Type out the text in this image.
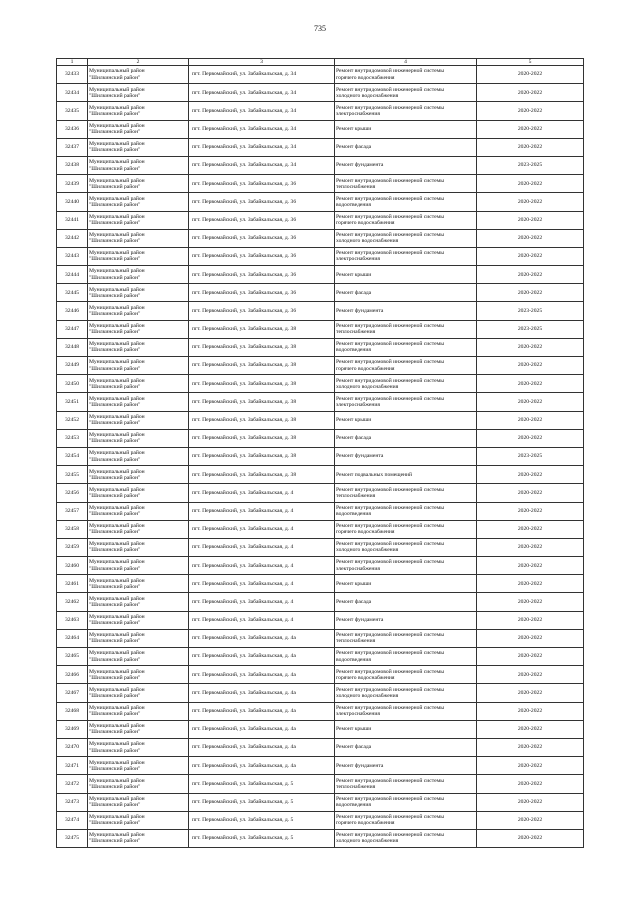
735
1	2	3	4	5
32433	Муниципальный район
"Шилкинский район"	пгт. Первомайский, ул. Забайкальская, д. 34	Ремонт внутридомовой инженерной системы
горячего водоснабжения	2020-2022
32434	Муниципальный район
"Шилкинский район"	пгт. Первомайский, ул. Забайкальская, д. 34	Ремонт внутридомовой инженерной системы
холодного водоснабжения	2020-2022
32435	Муниципальный район
"Шилкинский район"	пгт. Первомайский, ул. Забайкальская, д. 34	Ремонт внутридомовой инженерной системы
электроснабжения	2020-2022
32436	Муниципальный район
"Шилкинский район"	пгт. Первомайский, ул. Забайкальская, д. 34	Ремонт крыши	2020-2022
32437	Муниципальный район
"Шилкинский район"	пгт. Первомайский, ул. Забайкальская, д. 34	Ремонт фасада	2020-2022
32438	Муниципальный район
"Шилкинский район"	пгт. Первомайский, ул. Забайкальская, д. 34	Ремонт фундамента	2023-2025
32439	Муниципальный район
"Шилкинский район"	пгт. Первомайский, ул. Забайкальская, д. 36	Ремонт внутридомовой инженерной системы
теплоснабжения	2020-2022
32440	Муниципальный район
"Шилкинский район"	пгт. Первомайский, ул. Забайкальская, д. 36	Ремонт внутридомовой инженерной системы
водоотведения	2020-2022
32441	Муниципальный район
"Шилкинский район"	пгт. Первомайский, ул. Забайкальская, д. 36	Ремонт внутридомовой инженерной системы
горячего водоснабжения	2020-2022
32442	Муниципальный район
"Шилкинский район"	пгт. Первомайский, ул. Забайкальская, д. 36	Ремонт внутридомовой инженерной системы
холодного водоснабжения	2020-2022
32443	Муниципальный район
"Шилкинский район"	пгт. Первомайский, ул. Забайкальская, д. 36	Ремонт внутридомовой инженерной системы
электроснабжения	2020-2022
32444	Муниципальный район
"Шилкинский район"	пгт. Первомайский, ул. Забайкальская, д. 36	Ремонт крыши	2020-2022
32445	Муниципальный район
"Шилкинский район"	пгт. Первомайский, ул. Забайкальская, д. 36	Ремонт фасада	2020-2022
32446	Муниципальный район
"Шилкинский район"	пгт. Первомайский, ул. Забайкальская, д. 36	Ремонт фундамента	2023-2025
32447	Муниципальный район
"Шилкинский район"	пгт. Первомайский, ул. Забайкальская, д. 38	Ремонт внутридомовой инженерной системы
теплоснабжения	2023-2025
32448	Муниципальный район
"Шилкинский район"	пгт. Первомайский, ул. Забайкальская, д. 38	Ремонт внутридомовой инженерной системы
водоотведения	2020-2022
32449	Муниципальный район
"Шилкинский район"	пгт. Первомайский, ул. Забайкальская, д. 38	Ремонт внутридомовой инженерной системы
горячего водоснабжения	2020-2022
32450	Муниципальный район
"Шилкинский район"	пгт. Первомайский, ул. Забайкальская, д. 38	Ремонт внутридомовой инженерной системы
холодного водоснабжения	2020-2022
32451	Муниципальный район
"Шилкинский район"	пгт. Первомайский, ул. Забайкальская, д. 38	Ремонт внутридомовой инженерной системы
электроснабжения	2020-2022
32452	Муниципальный район
"Шилкинский район"	пгт. Первомайский, ул. Забайкальская, д. 38	Ремонт крыши	2020-2022
32453	Муниципальный район
"Шилкинский район"	пгт. Первомайский, ул. Забайкальская, д. 38	Ремонт фасада	2020-2022
32454	Муниципальный район
"Шилкинский район"	пгт. Первомайский, ул. Забайкальская, д. 38	Ремонт фундамента	2023-2025
32455	Муниципальный район
"Шилкинский район"	пгт. Первомайский, ул. Забайкальская, д. 38	Ремонт подвальных помещений	2020-2022
32456	Муниципальный район
"Шилкинский район"	пгт. Первомайский, ул. Забайкальская, д. 4	Ремонт внутридомовой инженерной системы
теплоснабжения	2020-2022
32457	Муниципальный район
"Шилкинский район"	пгт. Первомайский, ул. Забайкальская, д. 4	Ремонт внутридомовой инженерной системы
водоотведения	2020-2022
32458	Муниципальный район
"Шилкинский район"	пгт. Первомайский, ул. Забайкальская, д. 4	Ремонт внутридомовой инженерной системы
горячего водоснабжения	2020-2022
32459	Муниципальный район
"Шилкинский район"	пгт. Первомайский, ул. Забайкальская, д. 4	Ремонт внутридомовой инженерной системы
холодного водоснабжения	2020-2022
32460	Муниципальный район
"Шилкинский район"	пгт. Первомайский, ул. Забайкальская, д. 4	Ремонт внутридомовой инженерной системы
электроснабжения	2020-2022
32461	Муниципальный район
"Шилкинский район"	пгт. Первомайский, ул. Забайкальская, д. 4	Ремонт крыши	2020-2022
32462	Муниципальный район
"Шилкинский район"	пгт. Первомайский, ул. Забайкальская, д. 4	Ремонт фасада	2020-2022
32463	Муниципальный район
"Шилкинский район"	пгт. Первомайский, ул. Забайкальская, д. 4	Ремонт фундамента	2020-2022
32464	Муниципальный район
"Шилкинский район"	пгт. Первомайский, ул. Забайкальская, д. 4а	Ремонт внутридомовой инженерной системы
теплоснабжения	2020-2022
32465	Муниципальный район
"Шилкинский район"	пгт. Первомайский, ул. Забайкальская, д. 4а	Ремонт внутридомовой инженерной системы
водоотведения	2020-2022
32466	Муниципальный район
"Шилкинский район"	пгт. Первомайский, ул. Забайкальская, д. 4а	Ремонт внутридомовой инженерной системы
горячего водоснабжения	2020-2022
32467	Муниципальный район
"Шилкинский район"	пгт. Первомайский, ул. Забайкальская, д. 4а	Ремонт внутридомовой инженерной системы
холодного водоснабжения	2020-2022
32468	Муниципальный район
"Шилкинский район"	пгт. Первомайский, ул. Забайкальская, д. 4а	Ремонт внутридомовой инженерной системы
электроснабжения	2020-2022
32469	Муниципальный район
"Шилкинский район"	пгт. Первомайский, ул. Забайкальская, д. 4а	Ремонт крыши	2020-2022
32470	Муниципальный район
"Шилкинский район"	пгт. Первомайский, ул. Забайкальская, д. 4а	Ремонт фасада	2020-2022
32471	Муниципальный район
"Шилкинский район"	пгт. Первомайский, ул. Забайкальская, д. 4а	Ремонт фундамента	2020-2022
32472	Муниципальный район
"Шилкинский район"	пгт. Первомайский, ул. Забайкальская, д. 5	Ремонт внутридомовой инженерной системы
теплоснабжения	2020-2022
32473	Муниципальный район
"Шилкинский район"	пгт. Первомайский, ул. Забайкальская, д. 5	Ремонт внутридомовой инженерной системы
водоотведения	2020-2022
32474	Муниципальный район
"Шилкинский район"	пгт. Первомайский, ул. Забайкальская, д. 5	Ремонт внутридомовой инженерной системы
горячего водоснабжения	2020-2022
32475	Муниципальный район
"Шилкинский район"	пгт. Первомайский, ул. Забайкальская, д. 5	Ремонт внутридомовой инженерной системы
холодного водоснабжения	2020-2022
